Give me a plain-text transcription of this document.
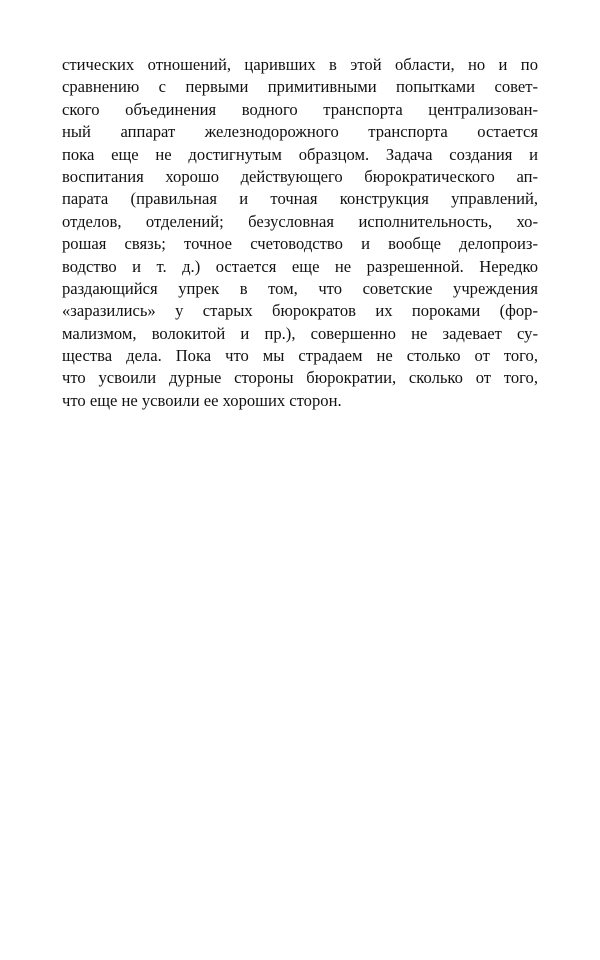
стических отношений, царивших в этой области, но и по
сравнению с первыми примитивными попытками совет-
ского объединения водного транспорта централизован-
ный аппарат железнодорожного транспорта остается
пока еще не достигнутым образцом. Задача создания и
воспитания хорошо действующего бюрократического ап-
парата (правильная и точная конструкция управлений,
отделов, отделений; безусловная исполнительность, хо-
рошая связь; точное счетоводство и вообще делопроиз-
водство и т. д.) остается еще не разрешенной. Нередко
раздающийся упрек в том, что советские учреждения
«заразились» у старых бюрократов их пороками (фор-
мализмом, волокитой и пр.), совершенно не задевает су-
щества дела. Пока что мы страдаем не столько от того,
что усвоили дурные стороны бюрократии, сколько от того,
что еще не усвоили ее хороших сторон.
